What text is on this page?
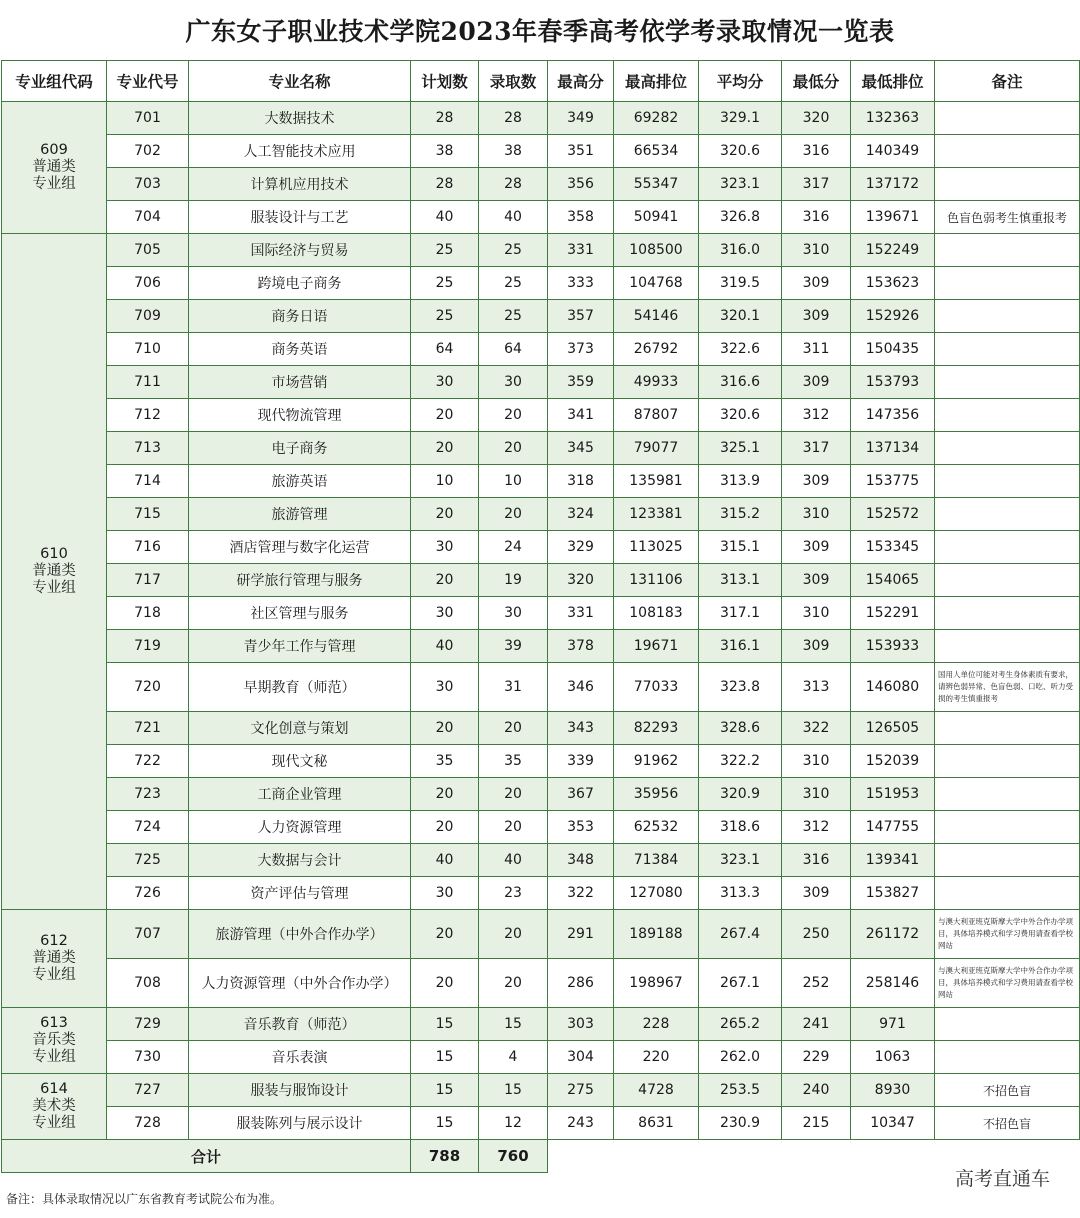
广东女子职业技术学院2023年春季高考依学考录取情况一览表
专业组代码	专业代号	专业名称	计划数	录取数	最高分	最高排位	平均分	最低分	最低排位	备注

609
普通类
专业组	701	大数据技术	28	28	349	69282	329.1	320	132363	
	702	人工智能技术应用	38	38	351	66534	320.6	316	140349	
	703	计算机应用技术	28	28	356	55347	323.1	317	137172	
	704	服装设计与工艺	40	40	358	50941	326.8	316	139671	色盲色弱考生慎重报考

610
普通类
专业组	705	国际经济与贸易	25	25	331	108500	316.0	310	152249	
	706	跨境电子商务	25	25	333	104768	319.5	309	153623	
	709	商务日语	25	25	357	54146	320.1	309	152926	
	710	商务英语	64	64	373	26792	322.6	311	150435	
	711	市场营销	30	30	359	49933	316.6	309	153793	
	712	现代物流管理	20	20	341	87807	320.6	312	147356	
	713	电子商务	20	20	345	79077	325.1	317	137134	
	714	旅游英语	10	10	318	135981	313.9	309	153775	
	715	旅游管理	20	20	324	123381	315.2	310	152572	
	716	酒店管理与数字化运营	30	24	329	113025	315.1	309	153345	
	717	研学旅行管理与服务	20	19	320	131106	313.1	309	154065	
	718	社区管理与服务	30	30	331	108183	317.1	310	152291	
	719	青少年工作与管理	40	39	378	19671	316.1	309	153933	
	720	早期教育（师范）	30	31	346	77033	323.8	313	146080	国用人单位可能对考生身体素质有要求，请辨色弱异常、色盲色弱、口吃、听力受损的考生慎重报考
	721	文化创意与策划	20	20	343	82293	328.6	322	126505	
	722	现代文秘	35	35	339	91962	322.2	310	152039	
	723	工商企业管理	20	20	367	35956	320.9	310	151953	
	724	人力资源管理	20	20	353	62532	318.6	312	147755	
	725	大数据与会计	40	40	348	71384	323.1	316	139341	
	726	资产评估与管理	30	23	322	127080	313.3	309	153827	

612
普通类
专业组	707	旅游管理（中外合作办学）	20	20	291	189188	267.4	250	261172	与澳大利亚班克斯摩大学中外合作办学项目，具体培养模式和学习费用请查看学校网站
	708	人力资源管理（中外合作办学）	20	20	286	198967	267.1	252	258146	与澳大利亚班克斯摩大学中外合作办学项目，具体培养模式和学习费用请查看学校网站

613
音乐类
专业组	729	音乐教育（师范）	15	15	303	228	265.2	241	971	
	730	音乐表演	15	4	304	220	262.0	229	1063	

614
美术类
专业组	727	服装与服饰设计	15	15	275	4728	253.5	240	8930	不招色盲
	728	服装陈列与展示设计	15	12	243	8631	230.9	215	10347	不招色盲
合计			788	760						
高考直通车
备注：具体录取情况以广东省教育考试院公布为准。
